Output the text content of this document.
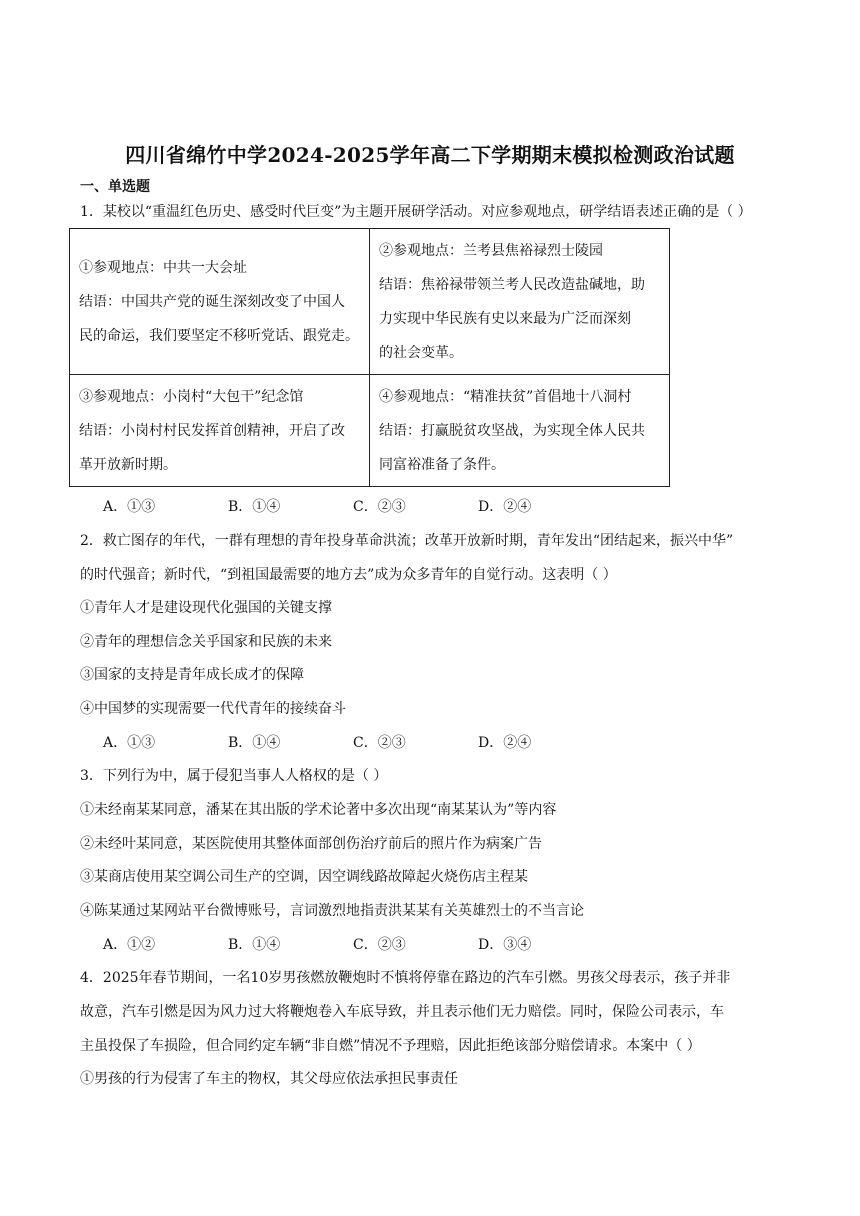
四川省绵竹中学2024-2025学年高二下学期期末模拟检测政治试题
一、单选题
1．某校以“重温红色历史、感受时代巨变”为主题开展研学活动。对应参观地点，研学结语表述正确的是（ ）
①参观地点：中共一大会址
结语：中国共产党的诞生深刻改变了中国人
民的命运，我们要坚定不移听党话、跟党走。	②参观地点：兰考县焦裕禄烈士陵园
结语：焦裕禄带领兰考人民改造盐碱地，助
力实现中华民族有史以来最为广泛而深刻
的社会变革。

③参观地点：小岗村“大包干”纪念馆
结语：小岗村村民发挥首创精神，开启了改
革开放新时期。	④参观地点：“精准扶贫”首倡地十八洞村
结语：打赢脱贫攻坚战，为实现全体人民共
同富裕准备了条件。
A．①③	B．①④	C．②③	D．②④
2．救亡图存的年代，一群有理想的青年投身革命洪流；改革开放新时期，青年发出“团结起来，振兴中华”
的时代强音；新时代，“到祖国最需要的地方去”成为众多青年的自觉行动。这表明（ ）
①青年人才是建设现代化强国的关键支撑
②青年的理想信念关乎国家和民族的未来
③国家的支持是青年成长成才的保障
④中国梦的实现需要一代代青年的接续奋斗
A．①③	B．①④	C．②③	D．②④
3．下列行为中，属于侵犯当事人人格权的是（ ）
①未经南某某同意，潘某在其出版的学术论著中多次出现“南某某认为”等内容
②未经叶某同意，某医院使用其整体面部创伤治疗前后的照片作为病案广告
③某商店使用某空调公司生产的空调，因空调线路故障起火烧伤店主程某
④陈某通过某网站平台微博账号，言词激烈地指责洪某某有关英雄烈士的不当言论
A．①②	B．①④	C．②③	D．③④
4．2025年春节期间，一名10岁男孩燃放鞭炮时不慎将停靠在路边的汽车引燃。男孩父母表示，孩子并非
故意，汽车引燃是因为风力过大将鞭炮卷入车底导致，并且表示他们无力赔偿。同时，保险公司表示，车
主虽投保了车损险，但合同约定车辆“非自燃”情况不予理赔，因此拒绝该部分赔偿请求。本案中（ ）
①男孩的行为侵害了车主的物权，其父母应依法承担民事责任
